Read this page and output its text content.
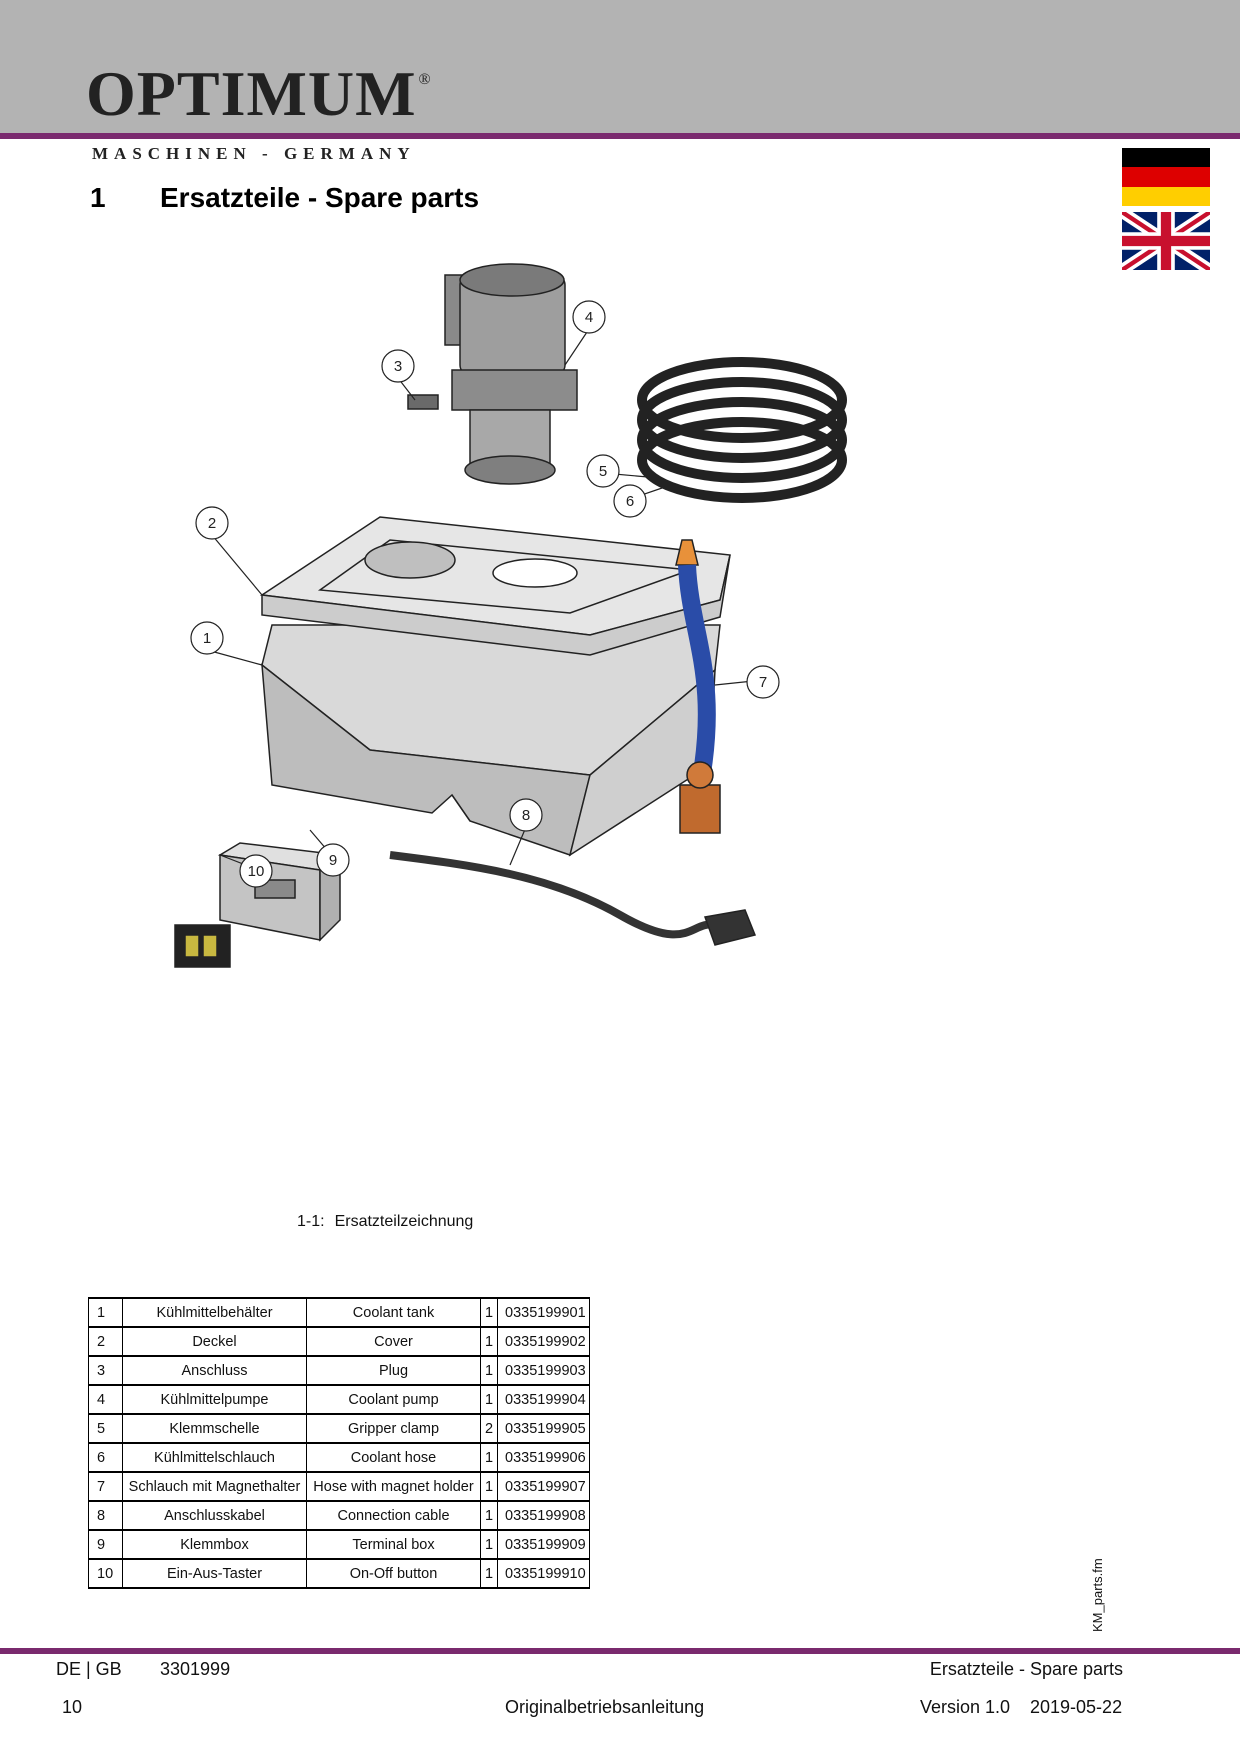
OPTIMUM ®
MASCHINEN - GERMANY
1 Ersatzteile - Spare parts
1
2
3
4
5
6
7
8
9
10
1-1: Ersatzteilzeichnung
1	Kühlmittelbehälter	Coolant tank	1	0335199901
2	Deckel	Cover	1	0335199902
3	Anschluss	Plug	1	0335199903
4	Kühlmittelpumpe	Coolant pump	1	0335199904
5	Klemmschelle	Gripper clamp	2	0335199905
6	Kühlmittelschlauch	Coolant hose	1	0335199906
7	Schlauch mit Magnethalter	Hose with magnet holder	1	0335199907
8	Anschlusskabel	Connection cable	1	0335199908
9	Klemmbox	Terminal box	1	0335199909
10	Ein-Aus-Taster	On-Off button	1	0335199910	KM_parts.fm
DE | GB 3301999	Ersatzteile - Spare parts
10	Originalbetriebsanleitung	Version 1.0 2019-05-22
